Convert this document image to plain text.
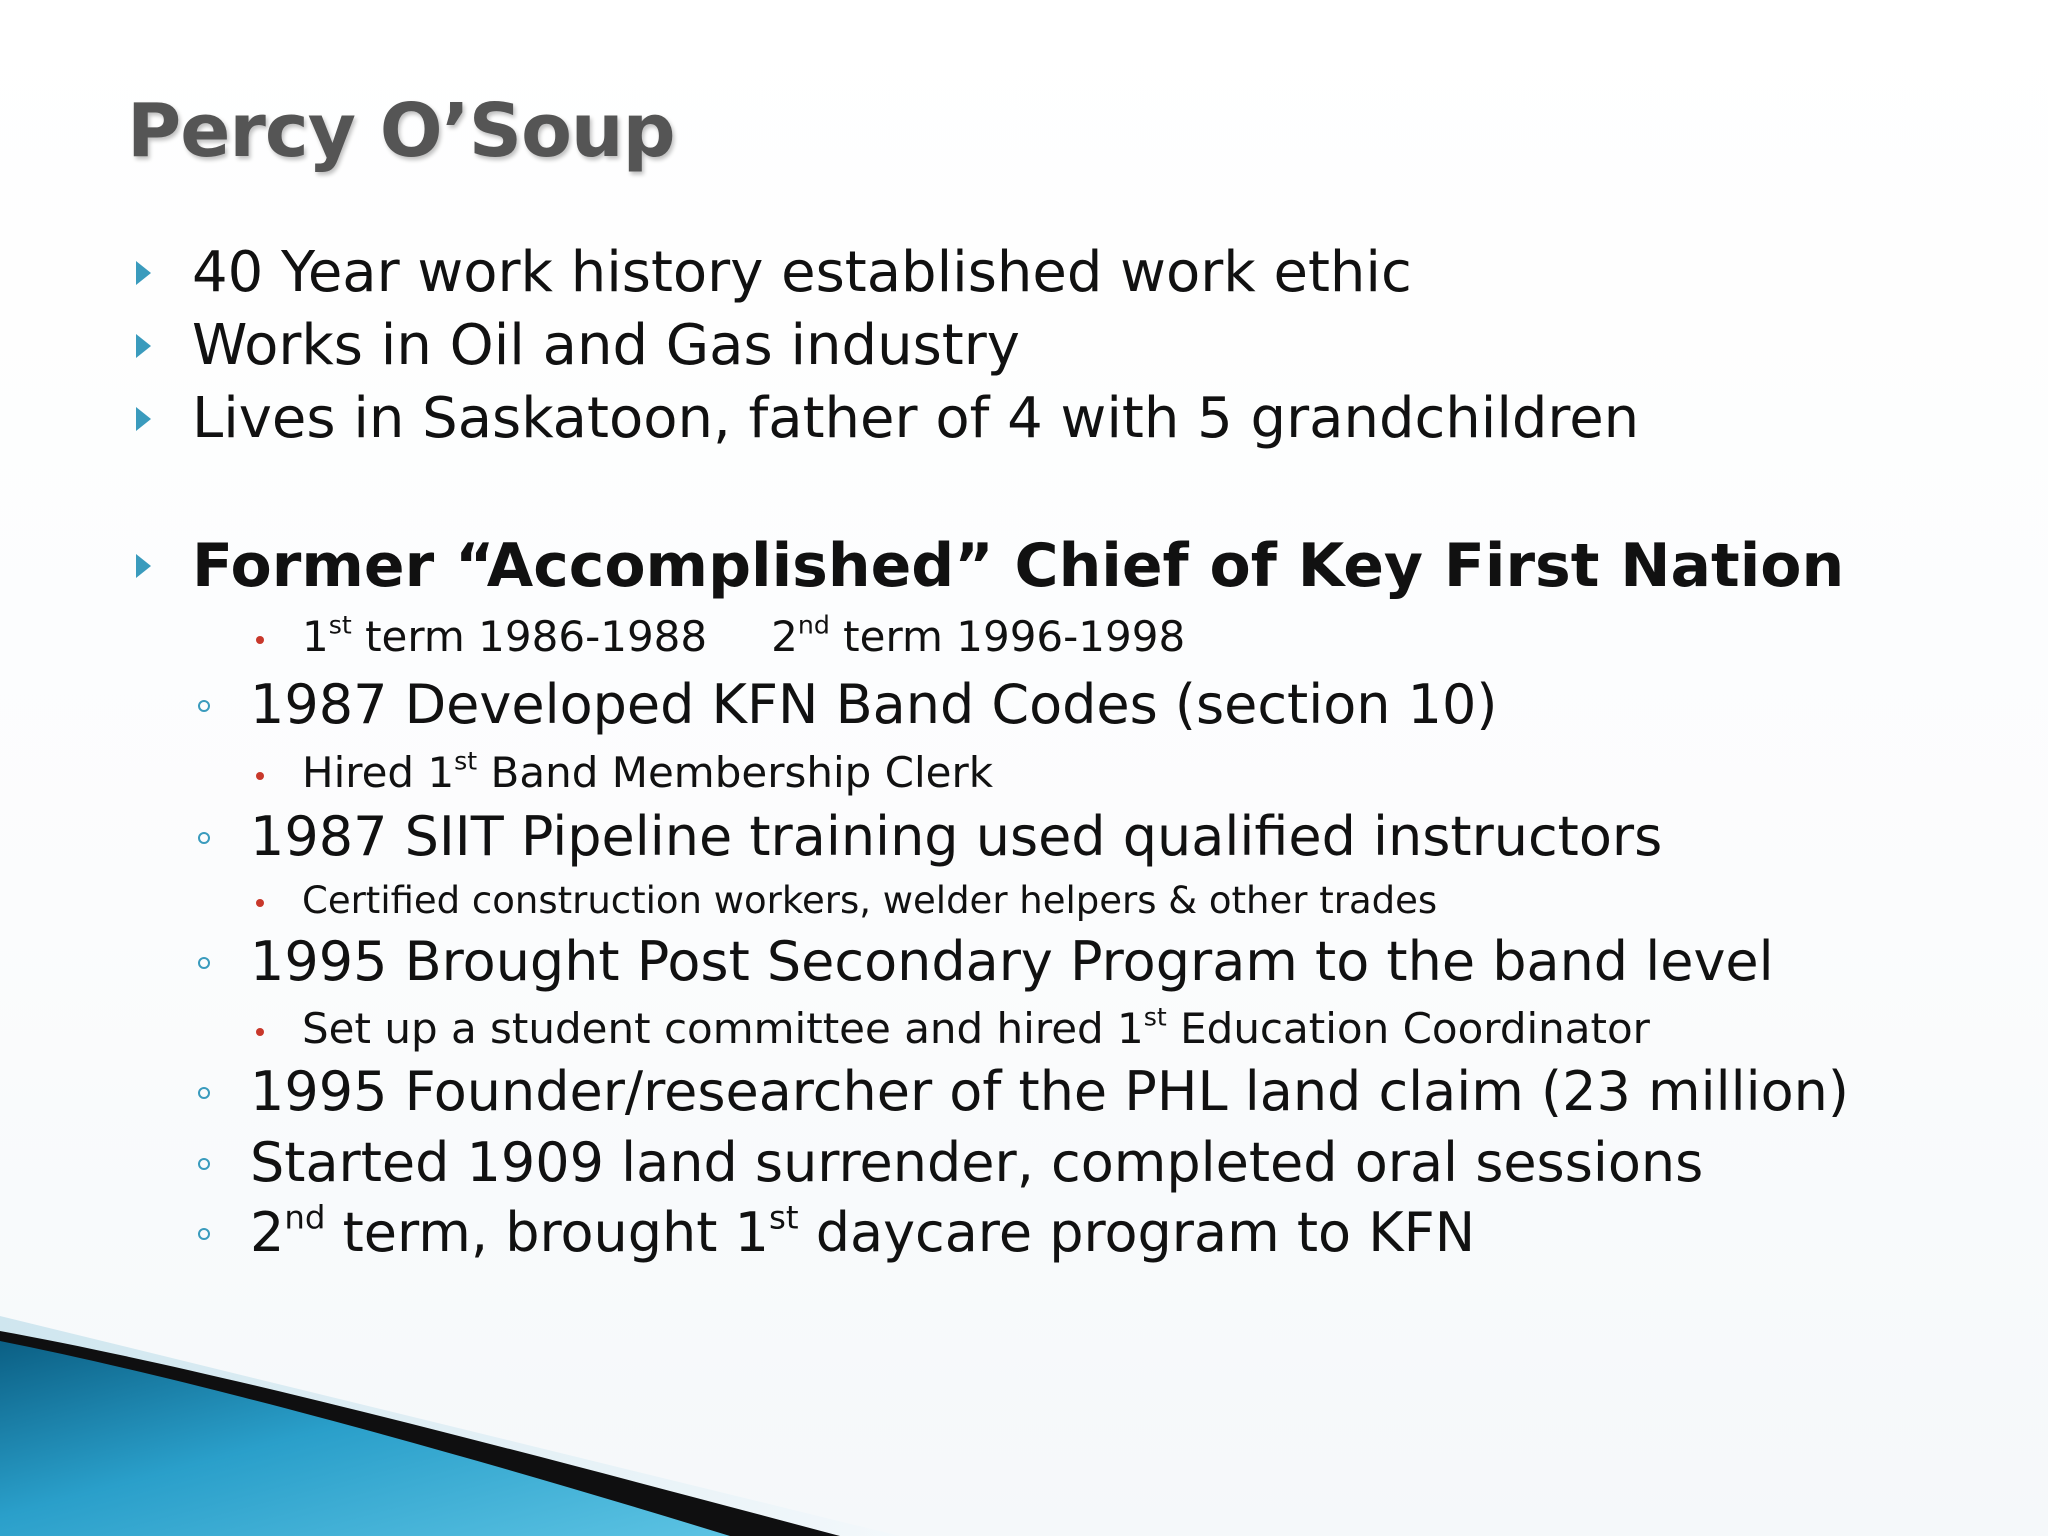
Percy O’Soup
40 Year work history established work ethic
Works in Oil and Gas industry
Lives in Saskatoon, father of 4 with 5 grandchildren
Former “Accomplished” Chief of Key First Nation
1st term 1986-1988 2nd term 1996-1998
1987 Developed KFN Band Codes (section 10)
Hired 1st Band Membership Clerk
1987 SIIT Pipeline training used qualified instructors
Certified construction workers, welder helpers & other trades
1995 Brought Post Secondary Program to the band level
Set up a student committee and hired 1st Education Coordinator
1995 Founder/researcher of the PHL land claim (23 million)
Started 1909 land surrender, completed oral sessions
2nd term, brought 1st daycare program to KFN
